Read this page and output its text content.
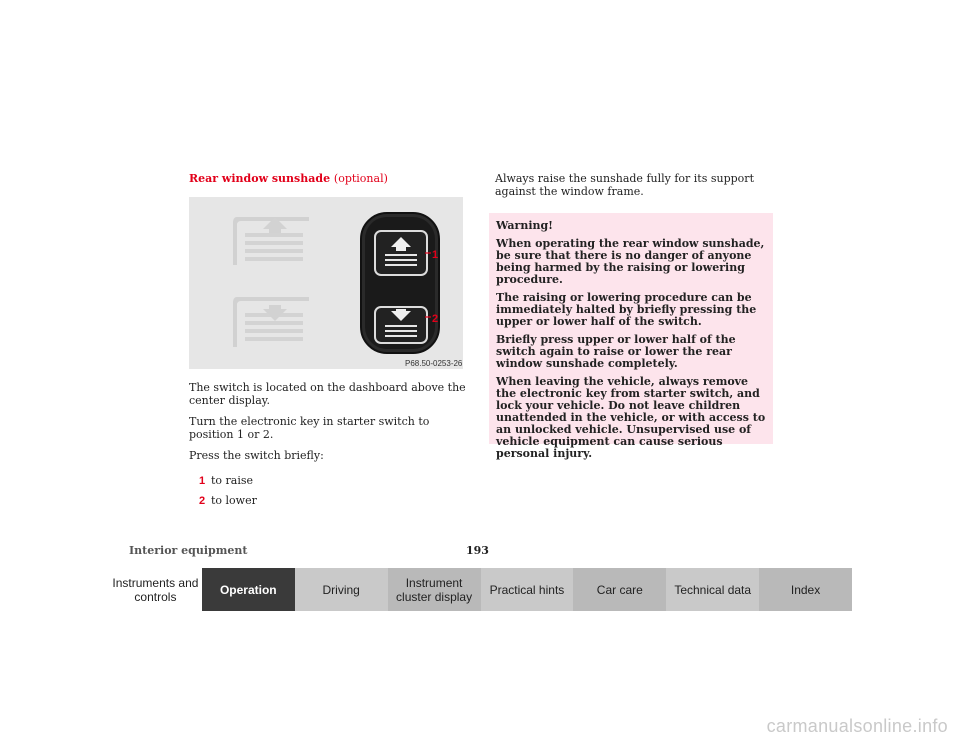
Rear window sunshade (optional)
1
2
P68.50-0253-26
The switch is located on the dashboard above the center display.
Turn the electronic key in starter switch to position 1 or 2.
Press the switch briefly:
1 to raise
2 to lower
Always raise the sunshade fully for its support against the window frame.
Warning!

When operating the rear window sunshade, be sure that there is no danger of anyone being harmed by the raising or lowering procedure.

The raising or lowering procedure can be immediately halted by briefly pressing the upper or lower half of the switch.

Briefly press upper or lower half of the switch again to raise or lower the rear window sunshade completely.

When leaving the vehicle, always remove the electronic key from starter switch, and lock your vehicle. Do not leave children unattended in the vehicle, or with access to an unlocked vehicle. Unsupervised use of vehicle equipment can cause serious personal injury.

Interior equipment	193
Instruments and controls	Operation	Driving	Instrument cluster display	Practical hints	Car care	Technical data	Index
carmanualsonline.info
